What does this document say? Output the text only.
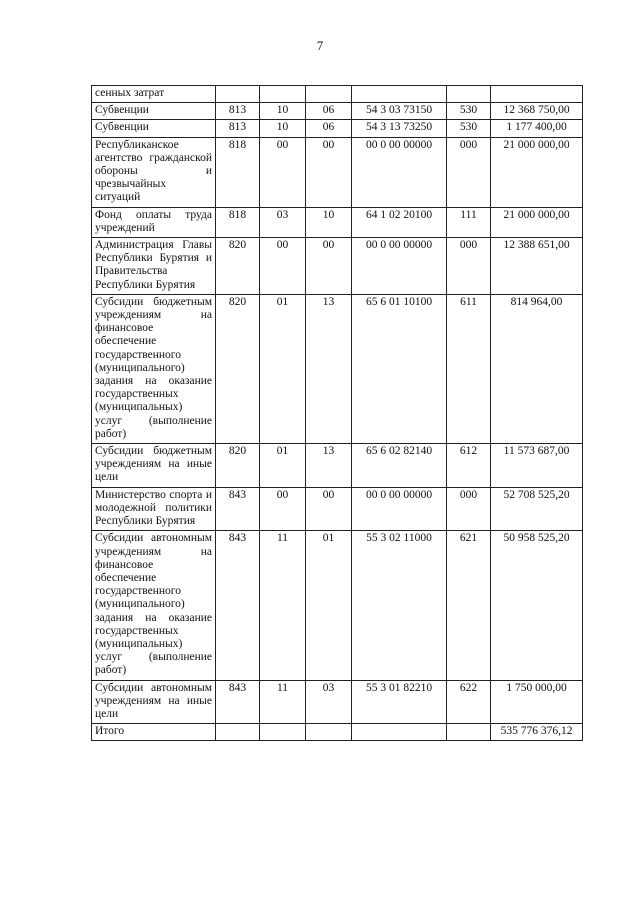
7
сенных затрат						
Субвенции	813	10	06	54 3 03 73150	530	12 368 750,00
Субвенции	813	10	06	54 3 13 73250	530	1 177 400,00
Республиканское агентство гражданской обороны и чрезвычайных ситуаций	818	00	00	00 0 00 00000	000	21 000 000,00
Фонд оплаты труда учреждений	818	03	10	64 1 02 20100	111	21 000 000,00
Администрация Главы Республики Бурятия и Правительства Республики Бурятия	820	00	00	00 0 00 00000	000	12 388 651,00
Субсидии бюджетным учреждениям на финансовое обеспечение государственного (муниципального) задания на оказание государственных (муниципальных) услуг (выполнение работ)	820	01	13	65 6 01 10100	611	814 964,00
Субсидии бюджетным учреждениям на иные цели	820	01	13	65 6 02 82140	612	11 573 687,00
Министерство спорта и молодежной политики Республики Бурятия	843	00	00	00 0 00 00000	000	52 708 525,20
Субсидии автономным учреждениям на финансовое обеспечение государственного (муниципального) задания на оказание государственных (муниципальных) услуг (выполнение работ)	843	11	01	55 3 02 11000	621	50 958 525,20
Субсидии автономным учреждениям на иные цели	843	11	03	55 3 01 82210	622	1 750 000,00
Итого						535 776 376,12
